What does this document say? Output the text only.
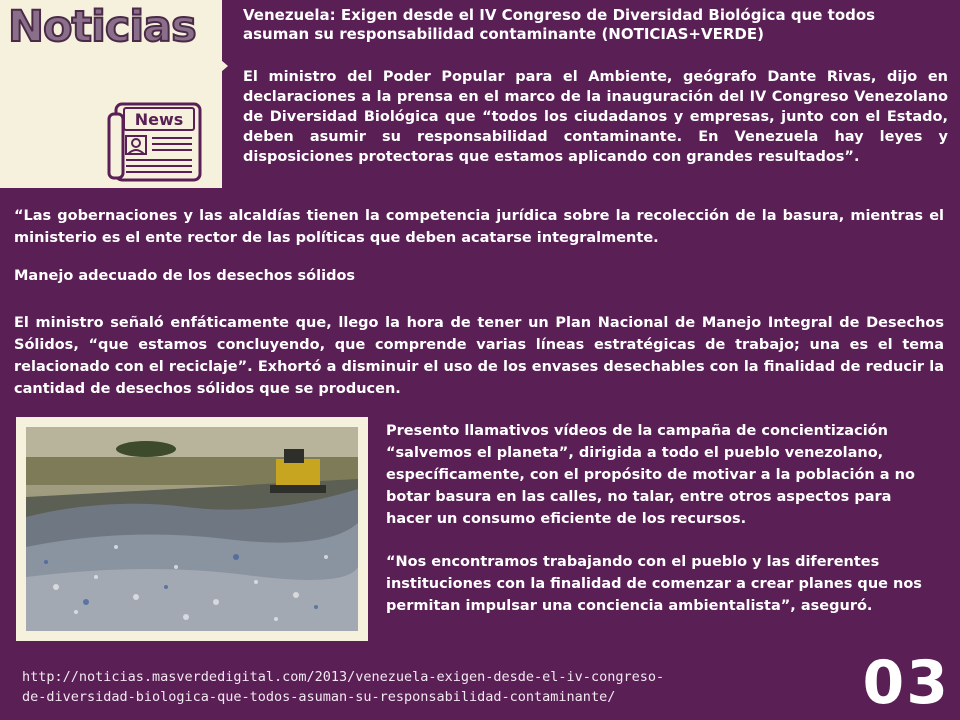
Noticias
News
Venezuela: Exigen desde el IV Congreso de Diversidad Biológica que todos asuman su responsabilidad contaminante (NOTICIAS+VERDE)
El ministro del Poder Popular para el Ambiente, geógrafo Dante Rivas, dijo en declaraciones a la prensa en el marco de la inauguración del IV Congreso Venezolano de Diversidad Biológica que “todos los ciudadanos y empresas, junto con el Estado, deben asumir su responsabilidad contaminante. En Venezuela hay leyes y disposiciones protectoras que estamos aplicando con grandes resultados”.
“Las gobernaciones y las alcaldías tienen la competencia jurídica sobre la recolección de la basura, mientras el ministerio es el ente rector de las políticas que deben acatarse integralmente.
Manejo adecuado de los desechos sólidos
El ministro señaló enfáticamente que, llego la hora de tener un Plan Nacional de Manejo Integral de Desechos Sólidos, “que estamos concluyendo, que comprende varias líneas estratégicas de trabajo; una es el tema relacionado con el reciclaje”. Exhortó a disminuir el uso de los envases desechables con la finalidad de reducir la cantidad de desechos sólidos que se producen.
Presento llamativos vídeos de la campaña de concientización “salvemos el planeta”, dirigida a todo el pueblo venezolano, específicamente, con el propósito de motivar a la población a no botar basura en las calles, no talar, entre otros aspectos para hacer un consumo eficiente de los recursos.
“Nos encontramos trabajando con el pueblo y las diferentes instituciones con la finalidad de comenzar a crear planes que nos permitan impulsar una conciencia ambientalista”, aseguró.
http://noticias.masverdedigital.com/2013/venezuela-exigen-desde-el-iv-congreso-
de-diversidad-biologica-que-todos-asuman-su-responsabilidad-contaminante/	03
